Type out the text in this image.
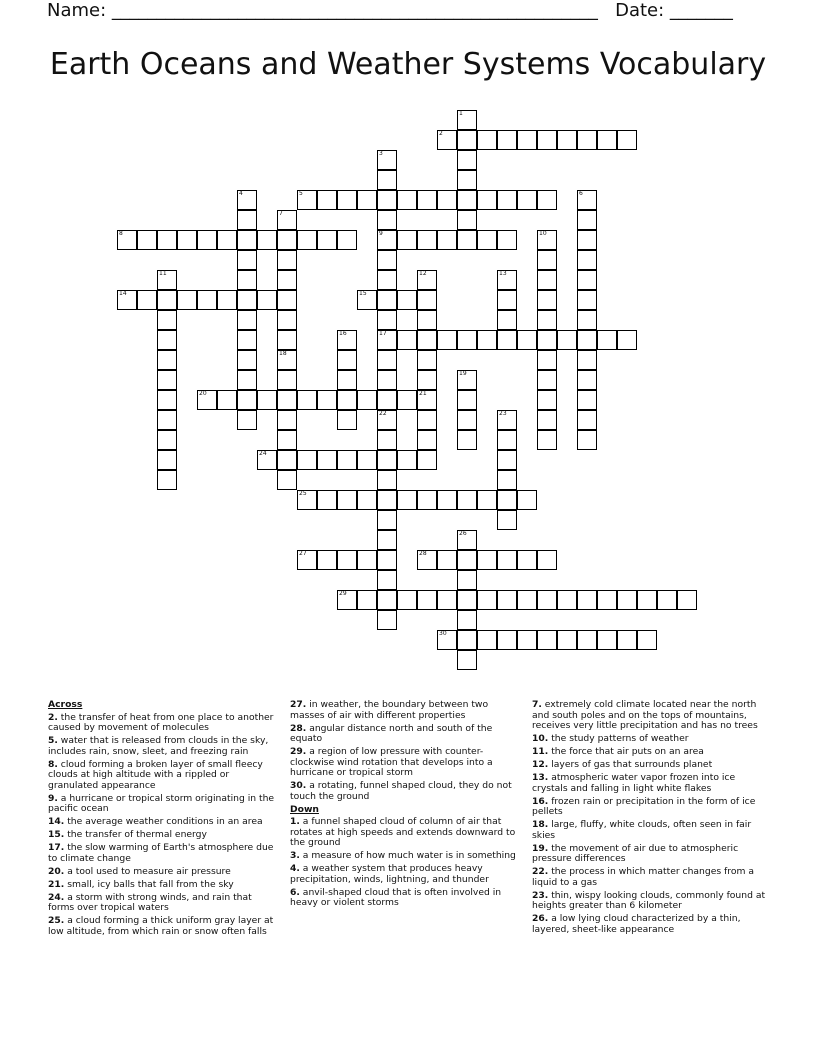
Name: ______________________________________________________ Date: _______
Earth Oceans and Weather Systems Vocabulary
1
2
3
9
17
22
4	5	6
7
8	10
11	12
21
13
14	15
16
18
19
20
23
24
25
26
27	28
29
30
Across
2. the transfer of heat from one place to another caused by movement of molecules
5. water that is released from clouds in the sky, includes rain, snow, sleet, and freezing rain
8. cloud forming a broken layer of small fleecy clouds at high altitude with a rippled or granulated appearance
9. a hurricane or tropical storm originating in the pacific ocean
14. the average weather conditions in an area
15. the transfer of thermal energy
17. the slow warming of Earth's atmosphere due to climate change
20. a tool used to measure air pressure
21. small, icy balls that fall from the sky
24. a storm with strong winds, and rain that forms over tropical waters
25. a cloud forming a thick uniform gray layer at low altitude, from which rain or snow often falls
27. in weather, the boundary between two masses of air with different properties
28. angular distance north and south of the equato
29. a region of low pressure with counter-clockwise wind rotation that develops into a hurricane or tropical storm
30. a rotating, funnel shaped cloud, they do not touch the ground
Down
1. a funnel shaped cloud of column of air that rotates at high speeds and extends downward to the ground
3. a measure of how much water is in something
4. a weather system that produces heavy precipitation, winds, lightning, and thunder
6. anvil-shaped cloud that is often involved in heavy or violent storms
7. extremely cold climate located near the north and south poles and on the tops of mountains, receives very little precipitation and has no trees
10. the study patterns of weather
11. the force that air puts on an area
12. layers of gas that surrounds planet
13. atmospheric water vapor frozen into ice crystals and falling in light white flakes
16. frozen rain or precipitation in the form of ice pellets
18. large, fluffy, white clouds, often seen in fair skies
19. the movement of air due to atmospheric pressure differences
22. the process in which matter changes from a liquid to a gas
23. thin, wispy looking clouds, commonly found at heights greater than 6 kilometer
26. a low lying cloud characterized by a thin, layered, sheet-like appearance
